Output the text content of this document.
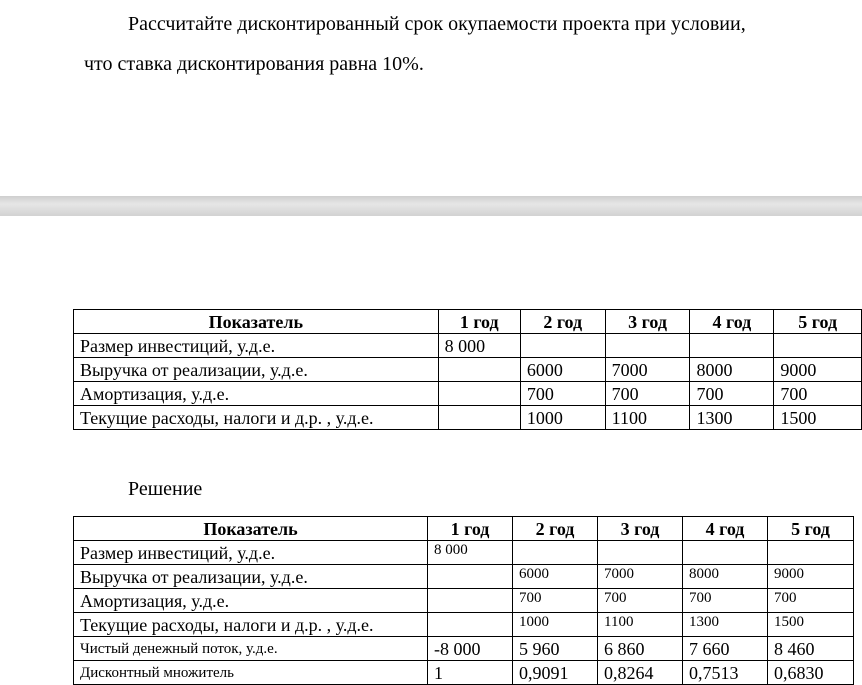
Рассчитайте дисконтированный срок окупаемости проекта при условии,
что ставка дисконтирования равна 10%.
Показатель	1 год	2 год	3 год	4 год	5 год
Размер инвестиций, у.д.е.	8 000				
Выручка от реализации, у.д.е.		6000	7000	8000	9000
Амортизация, у.д.е.		700	700	700	700
Текущие расходы, налоги и д.р. , у.д.е.		1000	1100	1300	1500
Решение
Показатель	1 год	2 год	3 год	4 год	5 год
Размер инвестиций, у.д.е.	8 000				
Выручка от реализации, у.д.е.		6000	7000	8000	9000
Амортизация, у.д.е.		700	700	700	700
Текущие расходы, налоги и д.р. , у.д.е.		1000	1100	1300	1500
Чистый денежный поток, у.д.е.	-8 000	5 960	6 860	7 660	8 460
Дисконтный множитель	1	0,9091	0,8264	0,7513	0,6830
